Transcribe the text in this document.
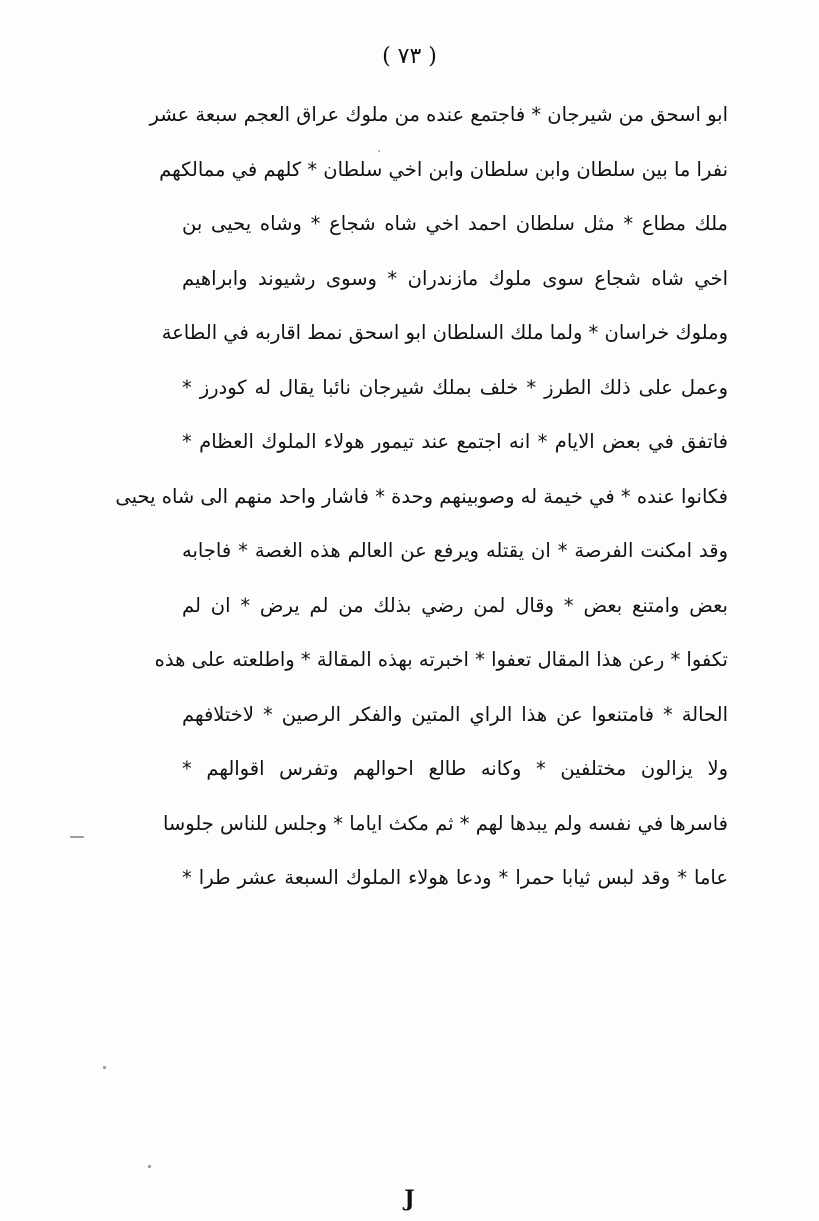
( ٧٣ )
ابو اسحق من شيرجان * فاجتمع عنده من ملوك عراق العجم سبعة عشر
نفرا ما بين سلطان وابن سلطان وابن اخي سلطان * كلهم في ممالكهم
ملك مطاع * مثل سلطان احمد اخي شاه شجاع * وشاه يحيى بن
اخي شاه شجاع سوى ملوك مازندران * وسوى رشيوند وابراهيم
وملوك خراسان * ولما ملك السلطان ابو اسحق نمط اقاربه في الطاعة
وعمل على ذلك الطرز * خلف بملك شيرجان نائبا يقال له كودرز *
فاتفق في بعض الايام * انه اجتمع عند تيمور هولاء الملوك العظام *
فكانوا عنده * في خيمة له وصوبينهم وحدة * فاشار واحد منهم الى شاه يحيى
وقد امكنت الفرصة * ان يقتله ويرفع عن العالم هذه الغصة * فاجابه
بعض وامتنع بعض * وقال لمن رضي بذلك من لم يرض * ان لم
تكفوا * رعن هذا المقال تعفوا * اخبرته بهذه المقالة * واطلعته على هذه
الحالة * فامتنعوا عن هذا الراي المتين والفكر الرصين * لاختلافهم
ولا يزالون مختلفين * وكانه طالع احوالهم وتفرس اقوالهم *
فاسرها في نفسه ولم يبدها لهم * ثم مكث اياما * وجلس للناس جلوسا
عاما * وقد لبس ثيابا حمرا * ودعا هولاء الملوك السبعة عشر طرا *
J
